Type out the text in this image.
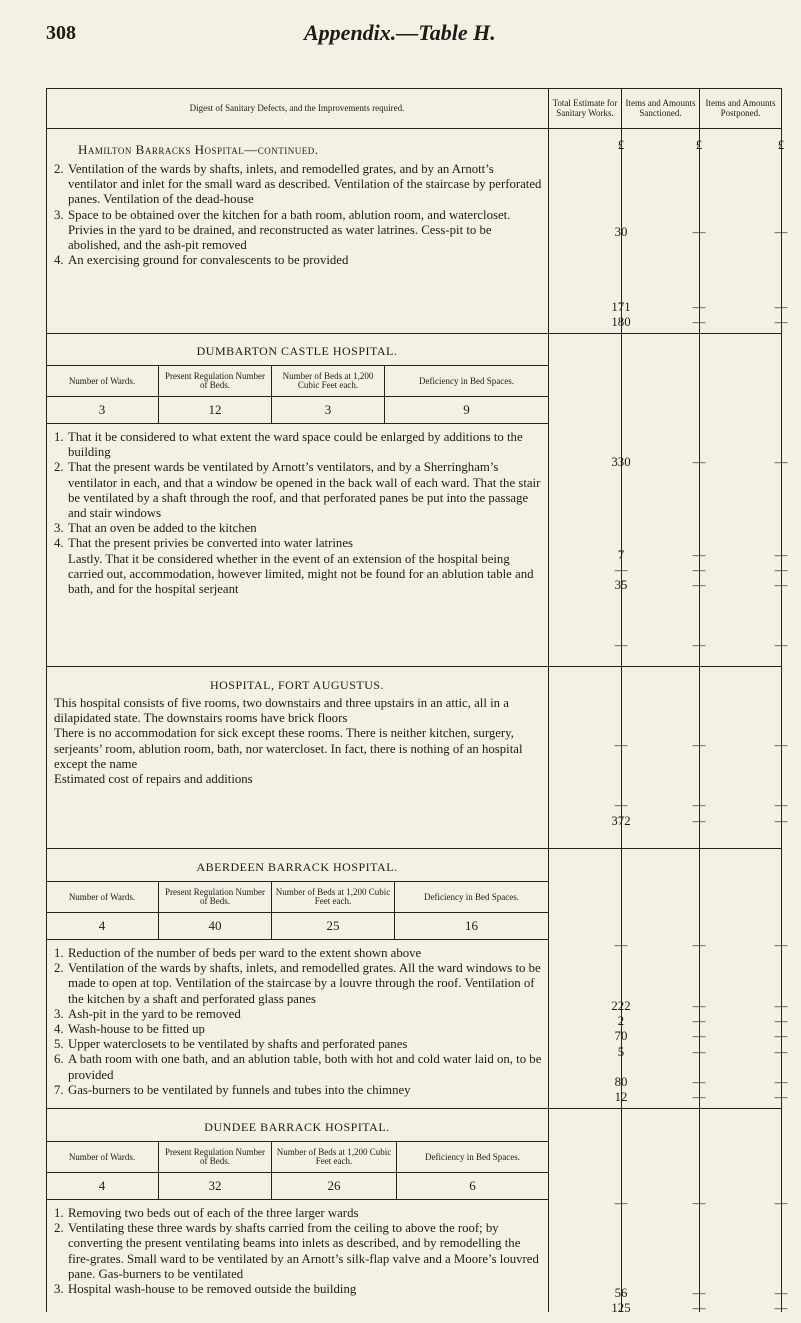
308	Appendix.—Table H.
Digest of Sanitary Defects, and the Improvements required.	Total Estimate for Sanitary Works.
Items and Amounts Sanctioned.
Items and Amounts Postponed.
Hamilton Barracks Hospital—continued.
2. Ventilation of the wards by shafts, inlets, and remodelled grates, and by an Arnott’s ventilator and inlet for the small ward as described. Ventilation of the staircase by perforated panes. Ventilation of the dead-house
3. Space to be obtained over the kitchen for a bath room, ablution room, and watercloset. Privies in the yard to be drained, and reconstructed as water latrines. Cess-pit to be abolished, and the ash-pit removed
4. An exercising ground for convalescents to be provided
£
30
171
180
£
—
—
—
£
—
—
—
DUMBARTON CASTLE HOSPITAL.
Number of Wards.
3
Present Regulation Number of Beds.
12
Number of Beds at 1,200 Cubic Feet each.
3
Deficiency in Bed Spaces.
9
1. That it be considered to what extent the ward space could be enlarged by additions to the building
2. That the present wards be ventilated by Arnott’s ventilators, and by a Sherringham’s ventilator in each, and that a window be opened in the back wall of each ward. That the stair be ventilated by a shaft through the roof, and that perforated panes be put into the passage and stair windows
3. That an oven be added to the kitchen
4. That the present privies be converted into water latrines
Lastly. That it be considered whether in the event of an extension of the hospital being carried out, accommodation, however limited, might not be found for an ablution table and bath, and for the hospital serjeant
330
7
—
35
—
—
—
—
—
—
—
—
—
—
—
HOSPITAL, FORT AUGUSTUS.
This hospital consists of five rooms, two downstairs and three upstairs in an attic, all in a dilapidated state. The downstairs rooms have brick floors
There is no accommodation for sick except these rooms. There is neither kitchen, surgery, serjeants’ room, ablution room, bath, nor watercloset. In fact, there is nothing of an hospital except the name
Estimated cost of repairs and additions
—
—
372
—
—
—
—
—
—
ABERDEEN BARRACK HOSPITAL.
Number of Wards.
4
Present Regulation Number of Beds.
40
Number of Beds at 1,200 Cubic Feet each.
25
Deficiency in Bed Spaces.
16
1. Reduction of the number of beds per ward to the extent shown above
2. Ventilation of the wards by shafts, inlets, and remodelled grates. All the ward windows to be made to open at top. Ventilation of the staircase by a louvre through the roof. Ventilation of the kitchen by a shaft and perforated glass panes
3. Ash-pit in the yard to be removed
4. Wash-house to be fitted up
5. Upper waterclosets to be ventilated by shafts and perforated panes
6. A bath room with one bath, and an ablution table, both with hot and cold water laid on, to be provided
7. Gas-burners to be ventilated by funnels and tubes into the chimney
—
222
2
70
5
80
12
—
—
—
—
—
—
—
—
—
—
—
—
—
—
DUNDEE BARRACK HOSPITAL.
Number of Wards.
4
Present Regulation Number of Beds.
32
Number of Beds at 1,200 Cubic Feet each.
26
Deficiency in Bed Spaces.
6
1. Removing two beds out of each of the three larger wards
2. Ventilating these three wards by shafts carried from the ceiling to above the roof; by converting the present ventilating beams into inlets as described, and by remodelling the fire-grates. Small ward to be ventilated by an Arnott’s silk-flap valve and a Moore’s louvred pane. Gas-burners to be ventilated
3. Hospital wash-house to be removed outside the building
—
56
125
—
—
—
—
—
—
